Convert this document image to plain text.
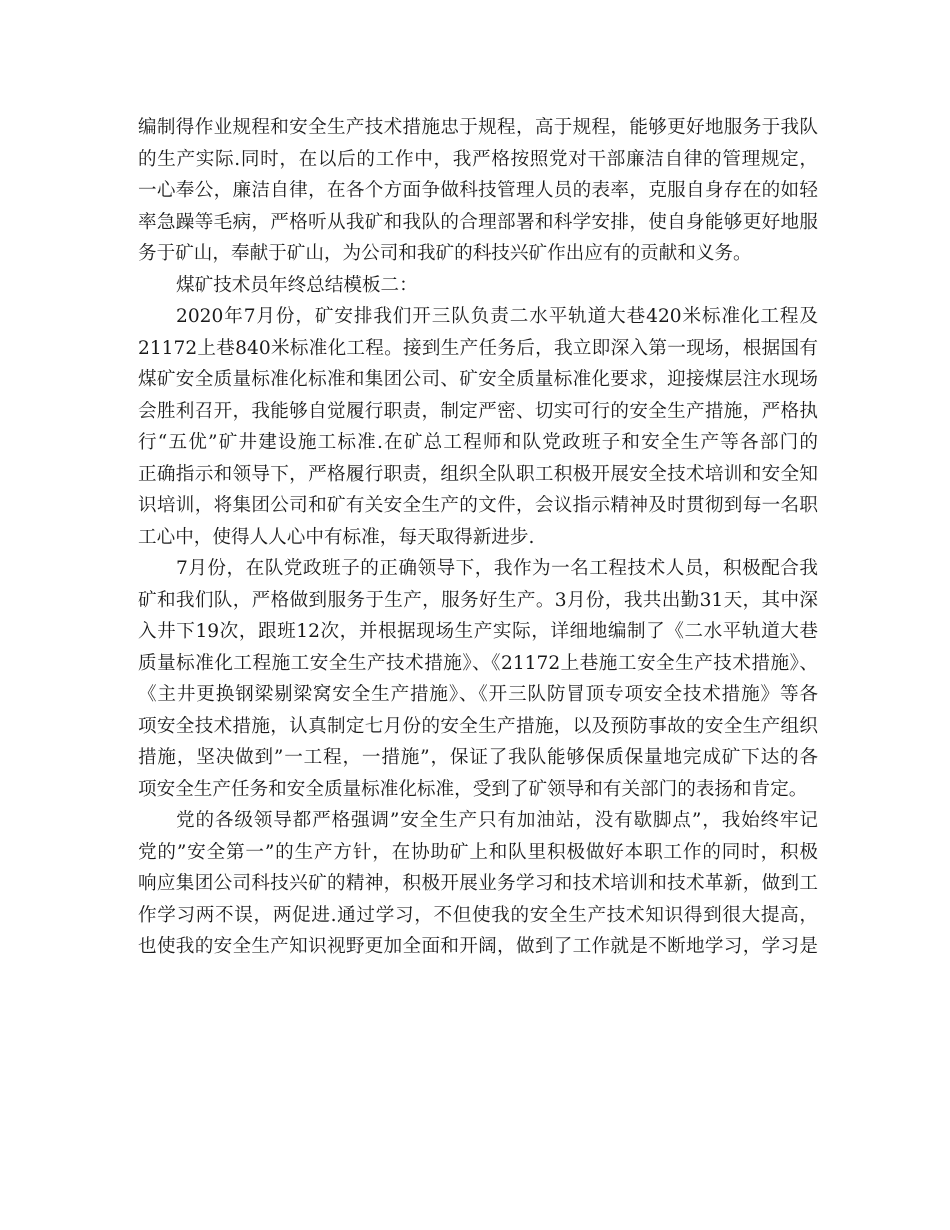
编制得作业规程和安全生产技术措施忠于规程，高于规程，能够更好地服务于我队
的生产实际.同时，在以后的工作中，我严格按照党对干部廉洁自律的管理规定，
一心奉公，廉洁自律，在各个方面争做科技管理人员的表率，克服自身存在的如轻
率急躁等毛病，严格听从我矿和我队的合理部署和科学安排，使自身能够更好地服
务于矿山，奉献于矿山，为公司和我矿的科技兴矿作出应有的贡献和义务。
煤矿技术员年终总结模板二：
2020年7月份，矿安排我们开三队负责二水平轨道大巷420米标准化工程及
21172上巷840米标准化工程。接到生产任务后，我立即深入第一现场，根据国有
煤矿安全质量标准化标准和集团公司、矿安全质量标准化要求，迎接煤层注水现场
会胜利召开，我能够自觉履行职责，制定严密、切实可行的安全生产措施，严格执
行“五优”矿井建设施工标准.在矿总工程师和队党政班子和安全生产等各部门的
正确指示和领导下，严格履行职责，组织全队职工积极开展安全技术培训和安全知
识培训，将集团公司和矿有关安全生产的文件，会议指示精神及时贯彻到每一名职
工心中，使得人人心中有标准，每天取得新进步.
7月份，在队党政班子的正确领导下，我作为一名工程技术人员，积极配合我
矿和我们队，严格做到服务于生产，服务好生产。3月份，我共出勤31天，其中深
入井下19次，跟班12次，并根据现场生产实际，详细地编制了《二水平轨道大巷
质量标准化工程施工安全生产技术措施》、《21172上巷施工安全生产技术措施》、
《主井更换钢梁剔梁窝安全生产措施》、《开三队防冒顶专项安全技术措施》等各
项安全技术措施，认真制定七月份的安全生产措施，以及预防事故的安全生产组织
措施，坚决做到”一工程，一措施”，保证了我队能够保质保量地完成矿下达的各
项安全生产任务和安全质量标准化标准，受到了矿领导和有关部门的表扬和肯定。
党的各级领导都严格强调”安全生产只有加油站，没有歇脚点”，我始终牢记
党的”安全第一”的生产方针，在协助矿上和队里积极做好本职工作的同时，积极
响应集团公司科技兴矿的精神，积极开展业务学习和技术培训和技术革新，做到工
作学习两不误，两促进.通过学习，不但使我的安全生产技术知识得到很大提高，
也使我的安全生产知识视野更加全面和开阔，做到了工作就是不断地学习，学习是
